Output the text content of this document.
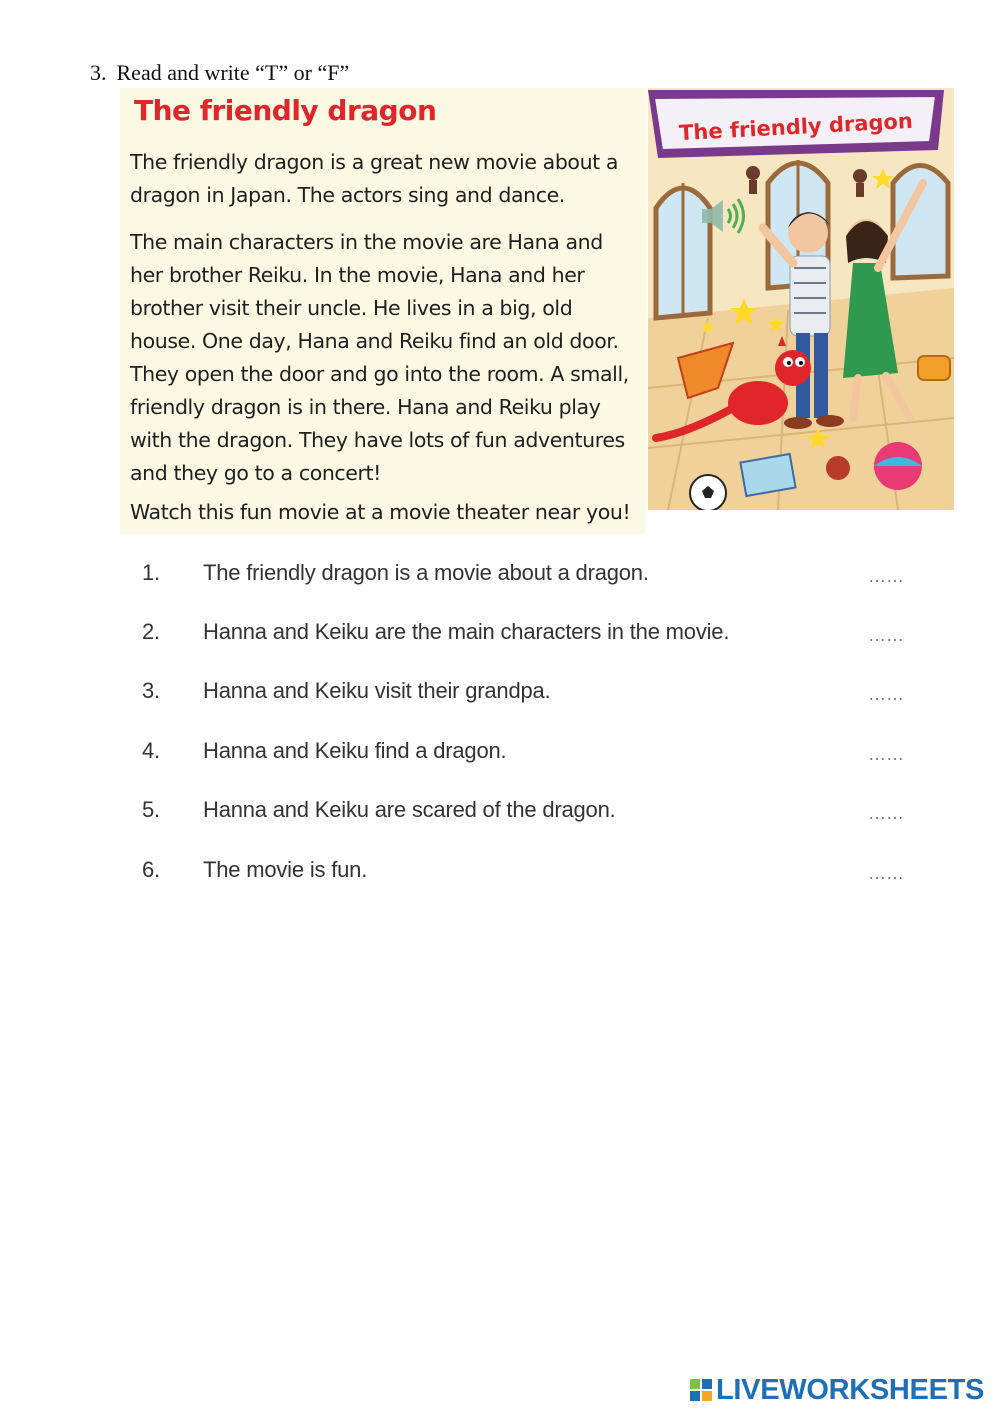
3. Read and write “T” or “F”
The friendly dragon
The friendly dragon is a great new movie about a dragon in Japan. The actors sing and dance.
The main characters in the movie are Hana and her brother Reiku. In the movie, Hana and her brother visit their uncle. He lives in a big, old house. One day, Hana and Reiku find an old door. They open the door and go into the room. A small, friendly dragon is in there. Hana and Reiku play with the dragon. They have lots of fun adventures and they go to a concert!
Watch this fun movie at a movie theater near you!
The friendly dragon
1. The friendly dragon is a movie about a dragon.
……
2. Hanna and Keiku are the main characters in the movie.
……
3. Hanna and Keiku visit their grandpa.
……
4. Hanna and Keiku find a dragon.
……
5. Hanna and Keiku are scared of the dragon.
……
6. The movie is fun.
……
LIVEWORKSHEETS
